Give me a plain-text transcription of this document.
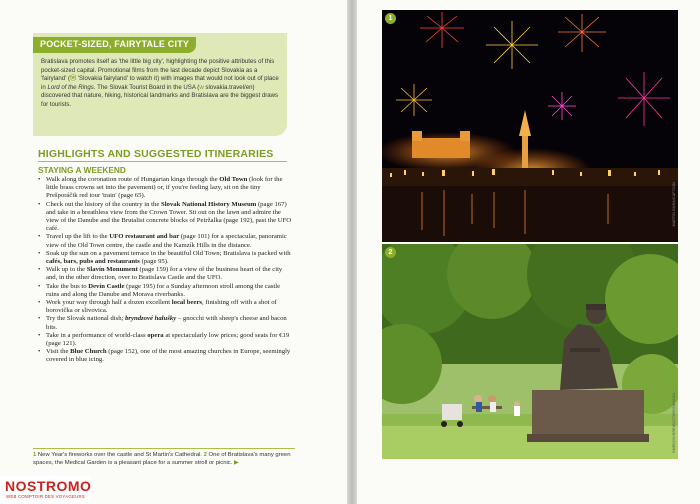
POCKET-SIZED, FAIRYTALE CITY
Bratislava promotes itself as 'the little big city', highlighting the positive attributes of this pocket-sized capital. Promotional films from the last decade depict Slovakia as a 'fairyland' (ⓦ 'Slovakia fairyland' to watch it) with images that would not look out of place in Lord of the Rings. The Slovak Tourist Board in the USA (w slovakia.travel/en) discovered that nature, hiking, historical landmarks and Bratislava are the biggest draws for tourists.
HIGHLIGHTS AND SUGGESTED ITINERARIES
STAYING A WEEKEND
• Walk along the coronation route of Hungarian kings through the Old Town (look for the little brass crowns set into the pavement) or, if you're feeling lazy, sit on the tiny Prešporáčik red tour 'train' (page 65).
• Check out the history of the country in the Slovak National History Museum (page 167) and take in a breathless view from the Crown Tower. Sit out on the lawn and admire the view of the Danube and the Brutalist concrete blocks of Petržalka (page 192), past the UFO café.
• Travel up the lift to the UFO restaurant and bar (page 101) for a spectacular, panoramic view of the Old Town centre, the castle and the Kamzík Hills in the distance.
• Soak up the sun on a pavement terrace in the beautiful Old Town; Bratislava is packed with cafés, bars, pubs and restaurants (page 95).
• Walk up to the Slavín Monument (page 159) for a view of the business heart of the city and, in the other direction, over to Bratislava Castle and the UFO.
• Take the bus to Devín Castle (page 195) for a Sunday afternoon stroll among the castle ruins and along the Danube and Morava riverbanks.
• Work your way through half a dozen excellent local beers, finishing off with a shot of borovička or slivovica.
• Try the Slovak national dish; bryndzové halušky – gnocchi with sheep's cheese and bacon bits.
• Take in a performance of world-class opera at spectacularly low prices; good seats for €19 (page 121).
• Visit the Blue Church (page 152), one of the most amazing churches in Europe, seemingly covered in blue icing.
1 New Year's fireworks over the castle and St Martin's Cathedral. 2 One of Bratislava's many green spaces, the Medical Garden is a pleasant place for a summer stroll or picnic. ▶
NOSTROMO
WEB COMPTOIR DES VOYAGEURS
1
MARTIN BUDA/CAPTION
2
SMRKOV/DREAMSTIME/SAHIDOL
